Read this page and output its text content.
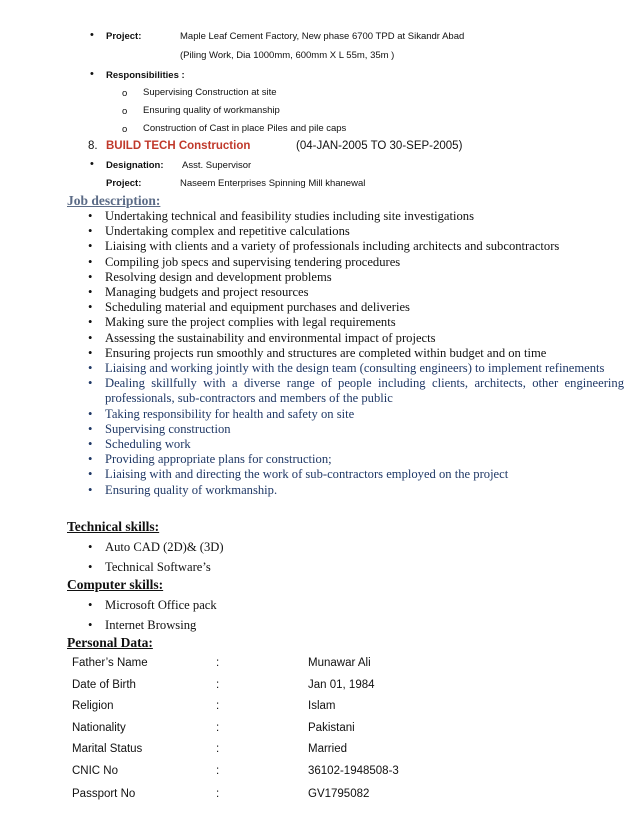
• Project:	Maple Leaf Cement Factory, New phase 6700 TPD at Sikandr Abad
(Piling Work, Dia 1000mm, 600mm X L 55m, 35m )
• Responsibilities :
o Supervising Construction at site
o Ensuring quality of workmanship
o Construction of Cast in place Piles and pile caps
8. BUILD TECH Construction	(04-JAN-2005 TO 30-SEP-2005)
• Designation: Asst. Supervisor
Project:	Naseem Enterprises Spinning Mill khanewal
Job description:
• Undertaking technical and feasibility studies including site investigations
• Undertaking complex and repetitive calculations
• Liaising with clients and a variety of professionals including architects and subcontractors
• Compiling job specs and supervising tendering procedures
• Resolving design and development problems
• Managing budgets and project resources
• Scheduling material and equipment purchases and deliveries
• Making sure the project complies with legal requirements
• Assessing the sustainability and environmental impact of projects
• Ensuring projects run smoothly and structures are completed within budget and on time
• Liaising and working jointly with the design team (consulting engineers) to implement refinements
• Dealing skillfully with a diverse range of people including clients, architects, other engineering professionals, sub-contractors and members of the public
• Taking responsibility for health and safety on site
• Supervising construction
• Scheduling work
• Providing appropriate plans for construction;
• Liaising with and directing the work of sub-contractors employed on the project
• Ensuring quality of workmanship.
Technical skills:
• Auto CAD (2D)& (3D)
• Technical Software’s
Computer skills:
• Microsoft Office pack
• Internet Browsing
Personal Data:
Father’s Name	:	Munawar Ali
Date of Birth	:	Jan 01, 1984
Religion	:	Islam
Nationality	:	Pakistani
Marital Status	:	Married
CNIC No	:	36102-1948508-3
Passport No	:	GV1795082
